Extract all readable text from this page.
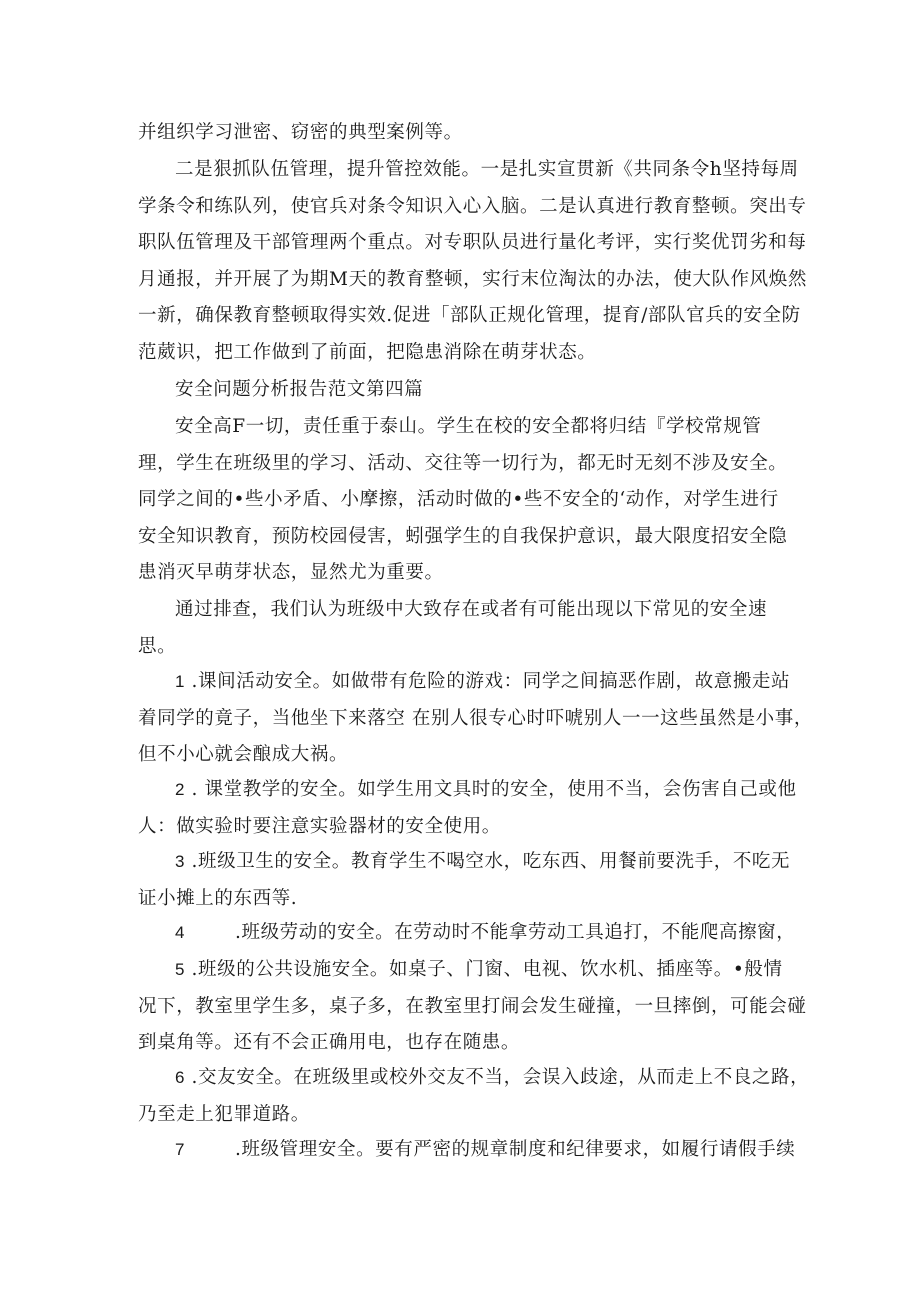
并组织学习泄密、窃密的典型案例等。
二是狠抓队伍管理，提升管控效能。一是扎实宣贯新《共同条令h坚持每周
学条令和练队列，使官兵对条令知识入心入脑。二是认真进行教育整顿。突出专
职队伍管理及干部管理两个重点。对专职队员进行量化考评，实行奖优罚劣和每
月通报，并开展了为期M天的教育整顿，实行末位淘汰的办法，使大队作风焕然
一新，确保教育整顿取得实效.促进「部队正规化管理，提育/部队官兵的安全防
范葳识，把工作做到了前面，把隐患消除在萌芽状态。
安全问题分析报告范文第四篇
安全高F一切，责任重于泰山。学生在校的安全都将归结『学校常规管
理，学生在班级里的学习、活动、交往等一切行为，都无时无刻不涉及安全。
同学之间的•些小矛盾、小摩擦，活动时做的•些不安全的‘动作，对学生进行
安全知识教育，预防校园侵害，蚓强学生的自我保护意识，最大限度招安全隐
患消灭早萌芽状态，显然尤为重要。
通过排查，我们认为班级中大致存在或者有可能出现以下常见的安全速
思。
1 .课间活动安全。如做带有危险的游戏：同学之间搞恶作剧，故意搬走站
着同学的竟子，当他坐下来落空 在别人很专心时吓唬别人一一这些虽然是小事，
但不小心就会酿成大祸。
2 . 课堂教学的安全。如学生用文具时的安全，使用不当，会伤害自己或他
人：做实验时要注意实验器材的安全使用。
3 .班级卫生的安全。教育学生不喝空水，吃东西、用餐前要洗手，不吃无
证小摊上的东西等.
4	.班级劳动的安全。在劳动时不能拿劳动工具追打，不能爬高擦窗，
5 .班级的公共设施安全。如桌子、门窗、电视、饮水机、插座等。•般情
况下，教室里学生多，桌子多，在教室里打闹会发生碰撞，一旦摔倒，可能会碰
到桌角等。还有不会正确用电，也存在随患。
6 .交友安全。在班级里或校外交友不当，会误入歧途，从而走上不良之路，
乃至走上犯罪道路。
7	.班级管理安全。要有严密的规章制度和纪律要求，如履行请假手续
